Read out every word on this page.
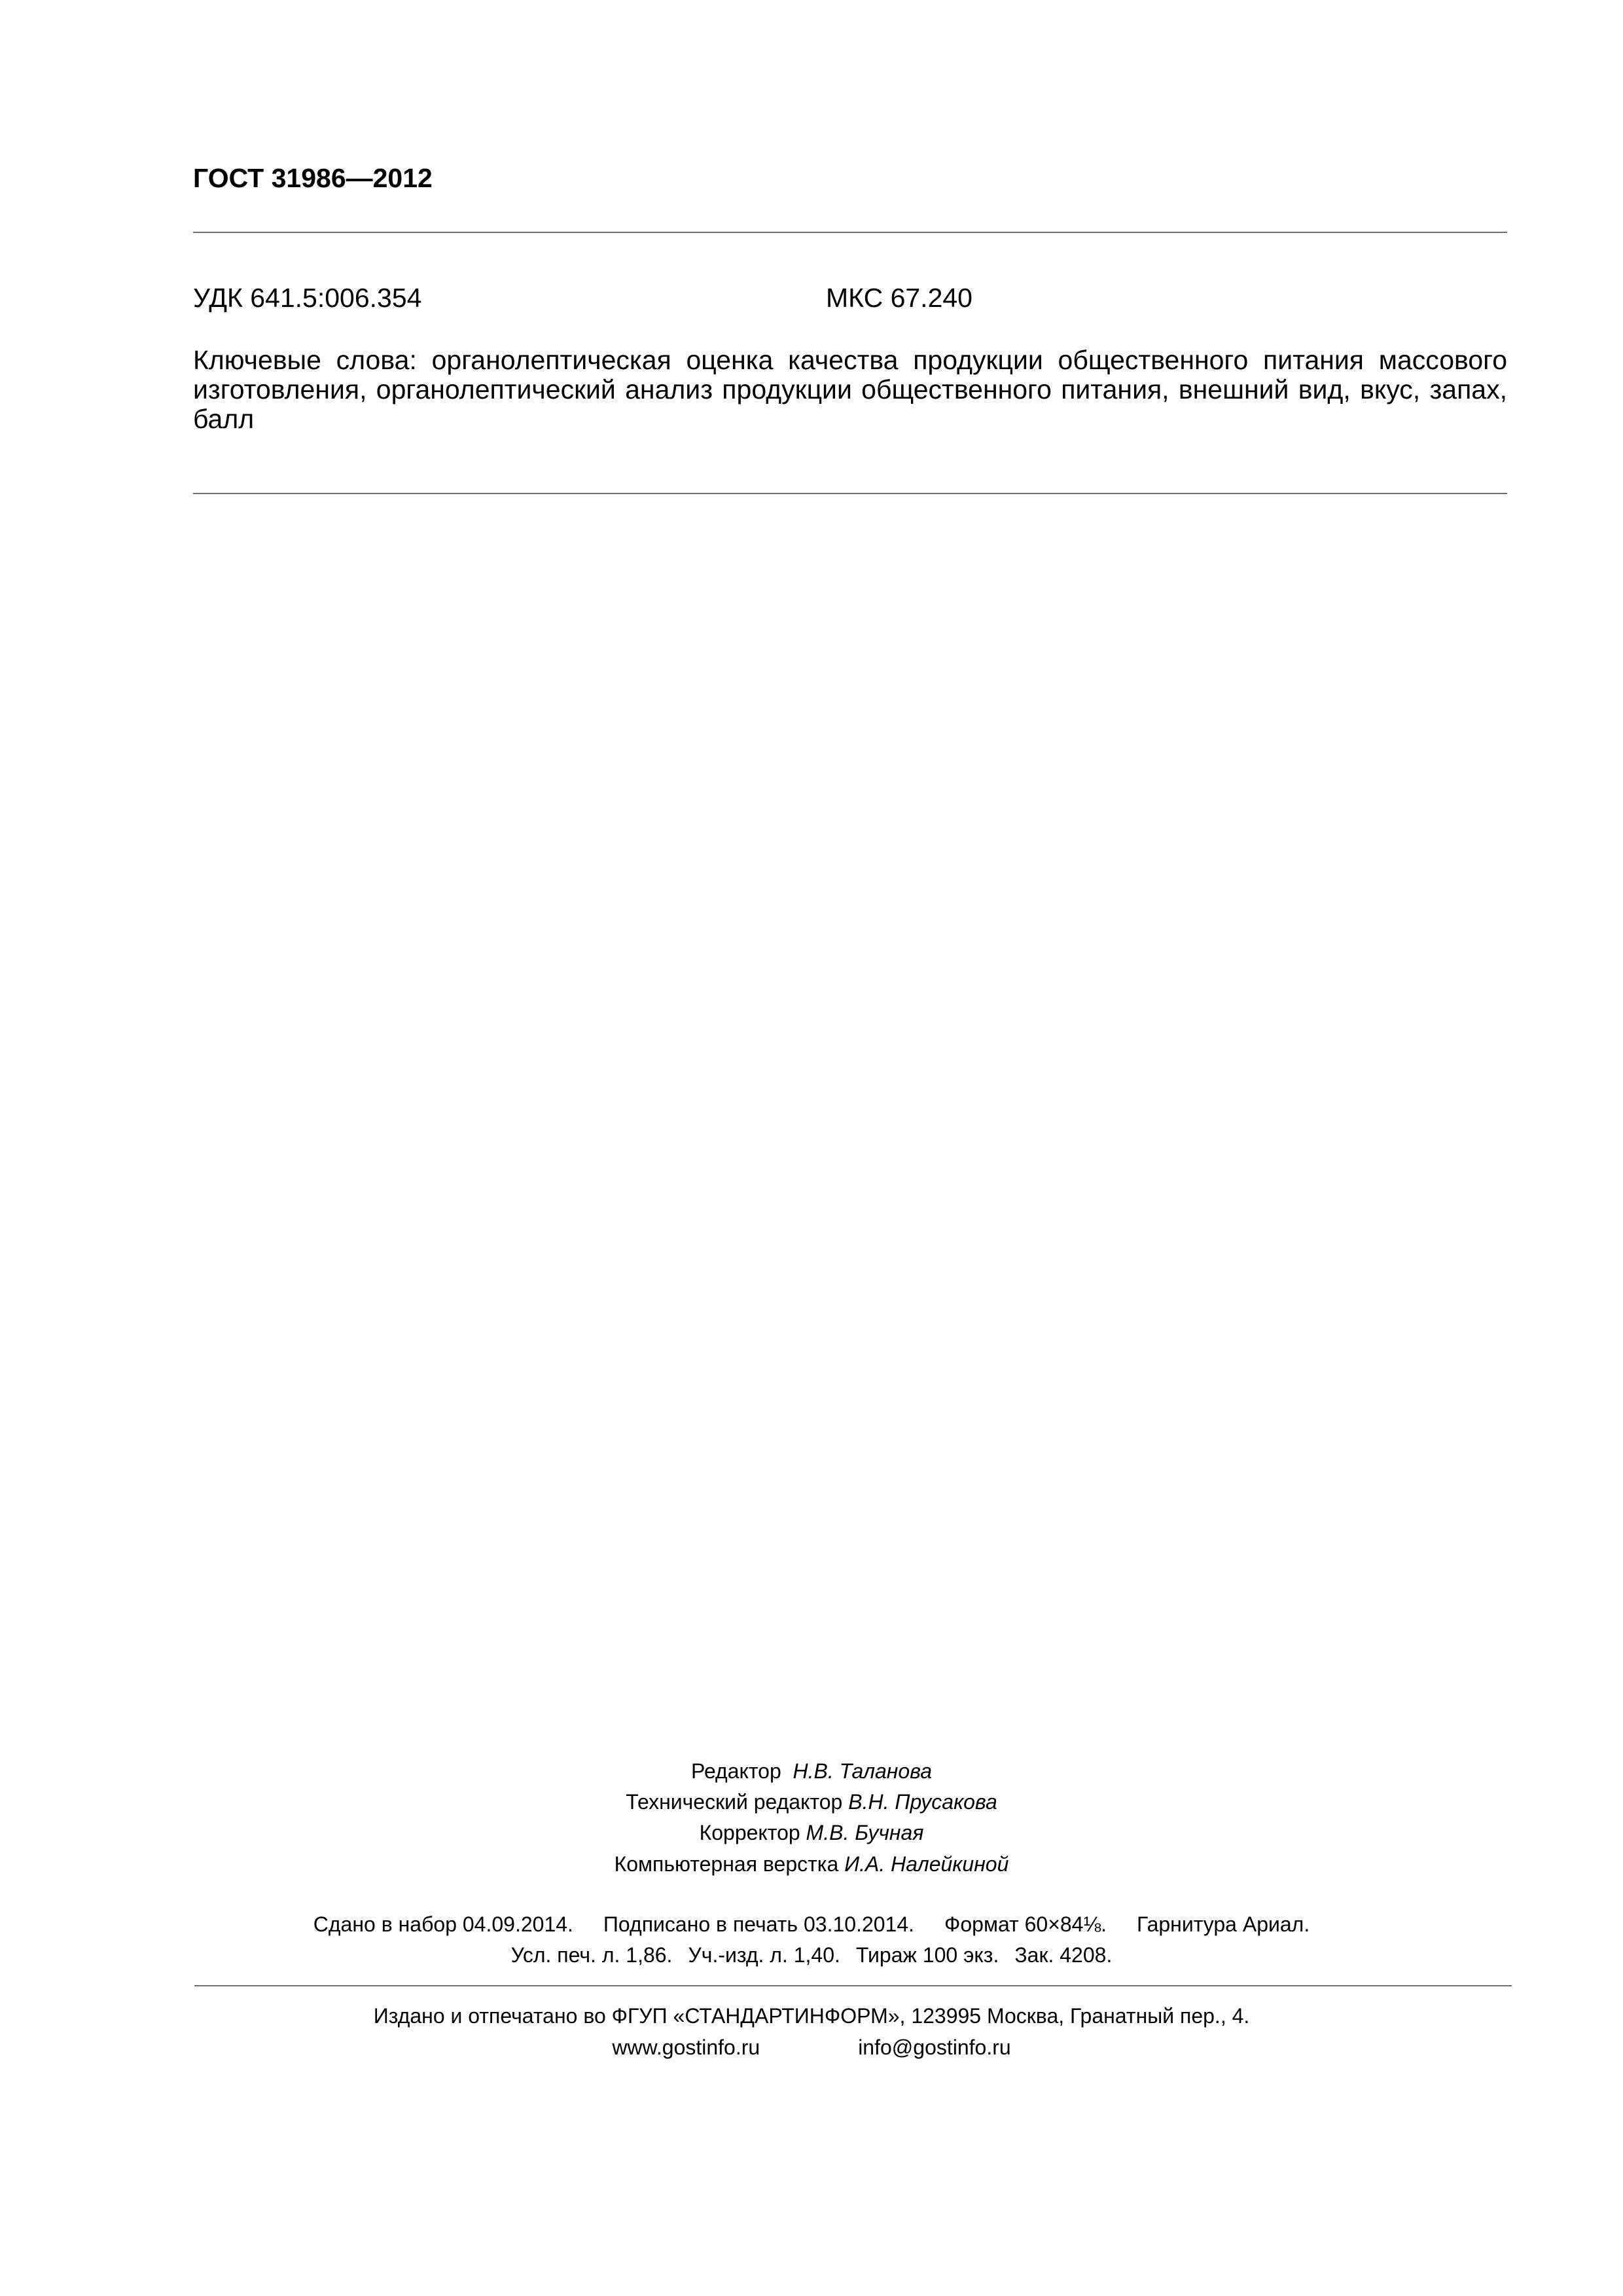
ГОСТ 31986—2012
УДК 641.5:006.354	МКС 67.240
Ключевые слова: органолептическая оценка качества продукции общественного питания массового изготовления, органолептический анализ продукции общественного питания, внешний вид, вкус, запах, балл
Редактор Н.В. Таланова
Технический редактор В.Н. Прусакова
Корректор М.В. Бучная
Компьютерная верстка И.А. Налейкиной
Сдано в набор 04.09.2014. Подписано в печать 03.10.2014. Формат 60×84⅛. Гарнитура Ариал.
Усл. печ. л. 1,86. Уч.-изд. л. 1,40. Тираж 100 экз. Зак. 4208.
Издано и отпечатано во ФГУП «СТАНДАРТИНФОРМ», 123995 Москва, Гранатный пер., 4.
www.gostinfo.ru	info@gostinfo.ru
